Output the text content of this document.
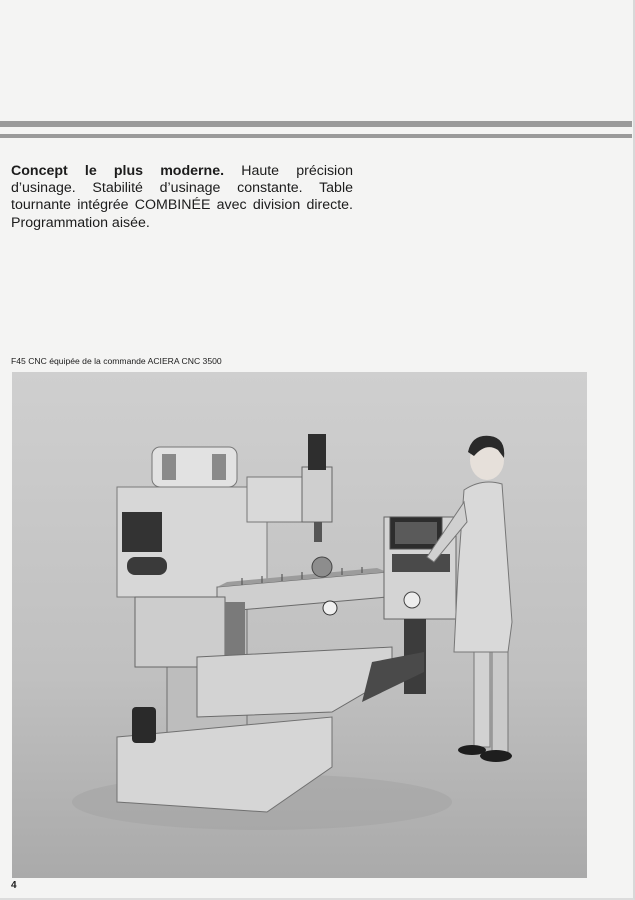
Concept le plus moderne. Haute précision d’usinage. Stabilité d’usinage constante. Table tournante intégrée COMBINÉE avec division directe. Programmation aisée.

F45 CNC équipée de la commande ACIERA CNC 3500
4
